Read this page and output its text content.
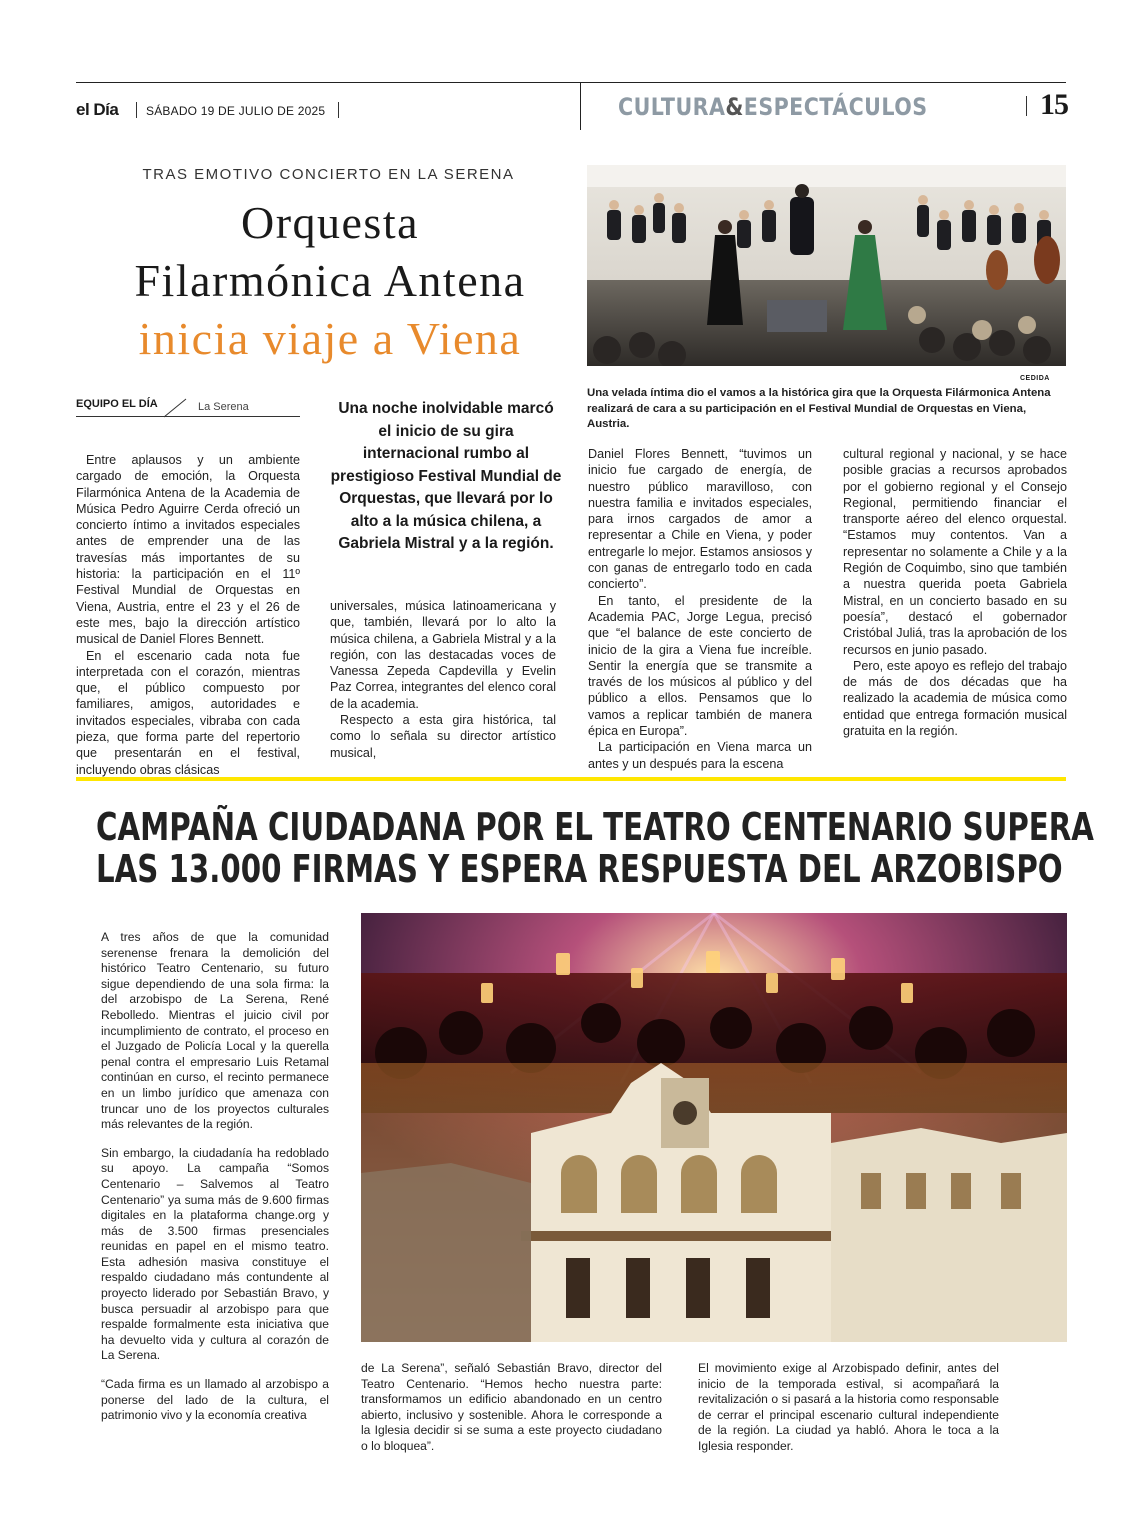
el Día SÁBADO 19 DE JULIO DE 2025	CULTURA&ESPECTÁCULOS	15
TRAS EMOTIVO CONCIERTO EN LA SERENA
Orquesta
Filarmónica Antena
inicia viaje a Viena
EQUIPO EL DÍA	La Serena	Una noche inolvidable marcó el inicio de su gira internacional rumbo al prestigioso Festival Mundial de Orquestas, que llevará por lo alto a la música chilena, a Gabriela Mistral y a la región.

Entre aplausos y un ambiente cargado de emoción, la Orquesta Filarmónica Antena de la Academia de Música Pedro Aguirre Cerda ofreció un concierto íntimo a invitados especiales antes de emprender una de las travesías más importantes de su historia: la participación en el 11º Festival Mundial de Orquestas en Viena, Austria, entre el 23 y el 26 de este mes, bajo la dirección artístico musical de Daniel Flores Bennett.

En el escenario cada nota fue interpretada con el corazón, mientras que, el público compuesto por familiares, amigos, autoridades e invitados especiales, vibraba con cada pieza, que forma parte del repertorio que presentarán en el festival, incluyendo obras clásicas

universales, música latinoamericana y que, también, llevará por lo alto la música chilena, a Gabriela Mistral y a la región, con las destacadas voces de Vanessa Zepeda Capdevilla y Evelin Paz Correa, integrantes del elenco coral de la academia.

Respecto a esta gira histórica, tal como lo señala su director artístico musical,

Daniel Flores Bennett, “tuvimos un inicio fue cargado de energía, de nuestro público maravilloso, con nuestra familia e invitados especiales, para irnos cargados de amor a representar a Chile en Viena, y poder entregarle lo mejor. Estamos ansiosos y con ganas de entregarlo todo en cada concierto”.

En tanto, el presidente de la Academia PAC, Jorge Legua, precisó que “el balance de este concierto de inicio de la gira a Viena fue increíble. Sentir la energía que se transmite a través de los músicos al público y del público a ellos. Pensamos que lo vamos a replicar también de manera épica en Europa”.

La participación en Viena marca un antes y un después para la escena

cultural regional y nacional, y se hace posible gracias a recursos aprobados por el gobierno regional y el Consejo Regional, permitiendo financiar el transporte aéreo del elenco orquestal. “Estamos muy contentos. Van a representar no solamente a Chile y a la Región de Coquimbo, sino que también a nuestra querida poeta Gabriela Mistral, en un concierto basado en su poesía”, destacó el gobernador Cristóbal Juliá, tras la aprobación de los recursos en junio pasado.

Pero, este apoyo es reflejo del trabajo de más de dos décadas que ha realizado la academia de música como entidad que entrega formación musical gratuita en la región.

CEDIDA
Una velada íntima dio el vamos a la histórica gira que la Orquesta Filármonica Antena realizará de cara a su participación en el Festival Mundial de Orquestas en Viena, Austria.
CAMPAÑA CIUDADANA POR EL TEATRO CENTENARIO SUPERA
LAS 13.000 FIRMAS Y ESPERA RESPUESTA DEL ARZOBISPO

A tres años de que la comunidad serenense frenara la demolición del histórico Teatro Centenario, su futuro sigue dependiendo de una sola firma: la del arzobispo de La Serena, René Rebolledo. Mientras el juicio civil por incumplimiento de contrato, el proceso en el Juzgado de Policía Local y la querella penal contra el empresario Luis Retamal continúan en curso, el recinto permanece en un limbo jurídico que amenaza con truncar uno de los proyectos culturales más relevantes de la región.

Sin embargo, la ciudadanía ha redoblado su apoyo. La campaña “Somos Centenario – Salvemos al Teatro Centenario” ya suma más de 9.600 firmas digitales en la plataforma change.org y más de 3.500 firmas presenciales reunidas en papel en el mismo teatro. Esta adhesión masiva constituye el respaldo ciudadano más contundente al proyecto liderado por Sebastián Bravo, y busca persuadir al arzobispo para que respalde formalmente esta iniciativa que ha devuelto vida y cultura al corazón de La Serena.

“Cada firma es un llamado al arzobispo a ponerse del lado de la cultura, el patrimonio vivo y la economía creativa

de La Serena”, señaló Sebastián Bravo, director del Teatro Centenario. “Hemos hecho nuestra parte: transformamos un edificio abandonado en un centro abierto, inclusivo y sostenible. Ahora le corresponde a la Iglesia decidir si se suma a este proyecto ciudadano o lo bloquea”.

El movimiento exige al Arzobispado definir, antes del inicio de la temporada estival, si acompañará la revitalización o si pasará a la historia como responsable de cerrar el principal escenario cultural independiente de la región. La ciudad ya habló. Ahora le toca a la Iglesia responder.
